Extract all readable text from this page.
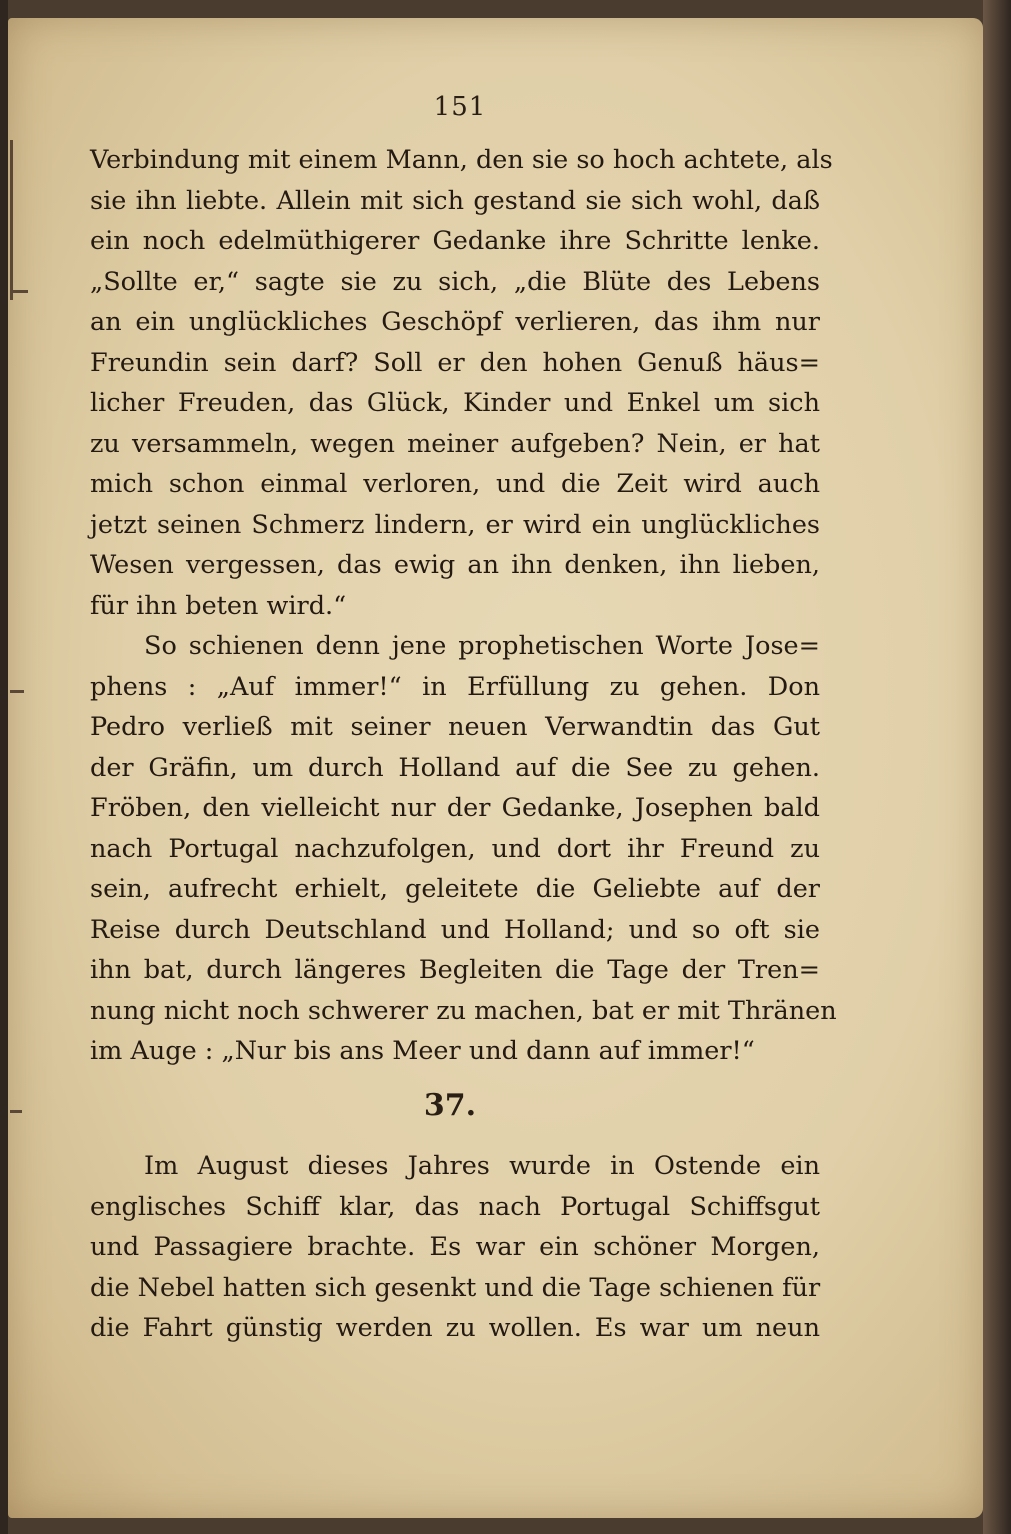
151
Verbindung mit einem Mann, den sie so hoch achtete, als
sie ihn liebte. Allein mit sich gestand sie sich wohl, daß
ein noch edelmüthigerer Gedanke ihre Schritte lenke.
„Sollte er,“ sagte sie zu sich, „die Blüte des Lebens
an ein unglückliches Geschöpf verlieren, das ihm nur
Freundin sein darf? Soll er den hohen Genuß häus=
licher Freuden, das Glück, Kinder und Enkel um sich
zu versammeln, wegen meiner aufgeben? Nein, er hat
mich schon einmal verloren, und die Zeit wird auch
jetzt seinen Schmerz lindern, er wird ein unglückliches
Wesen vergessen, das ewig an ihn denken, ihn lieben,
für ihn beten wird.“
So schienen denn jene prophetischen Worte Jose=
phens : „Auf immer!“ in Erfüllung zu gehen. Don
Pedro verließ mit seiner neuen Verwandtin das Gut
der Gräfin, um durch Holland auf die See zu gehen.
Fröben, den vielleicht nur der Gedanke, Josephen bald
nach Portugal nachzufolgen, und dort ihr Freund zu
sein, aufrecht erhielt, geleitete die Geliebte auf der
Reise durch Deutschland und Holland; und so oft sie
ihn bat, durch längeres Begleiten die Tage der Tren=
nung nicht noch schwerer zu machen, bat er mit Thränen
im Auge : „Nur bis ans Meer und dann auf immer!“
37.
Im August dieses Jahres wurde in Ostende ein
englisches Schiff klar, das nach Portugal Schiffsgut
und Passagiere brachte. Es war ein schöner Morgen,
die Nebel hatten sich gesenkt und die Tage schienen für
die Fahrt günstig werden zu wollen. Es war um neun
